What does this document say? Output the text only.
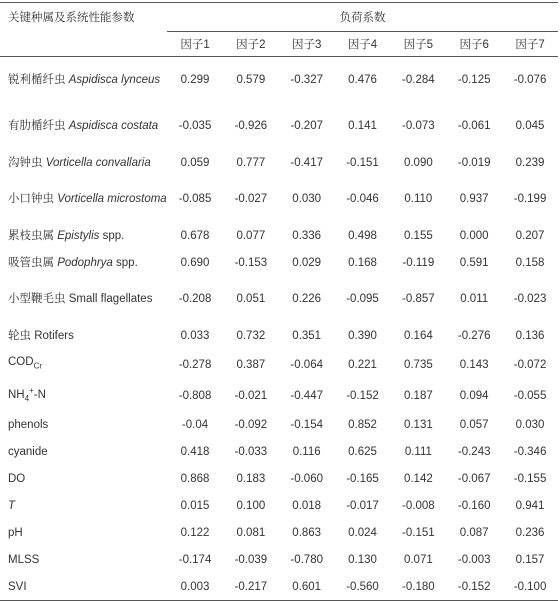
关键种属及系统性能参数	负荷系数						
	因子1	因子2	因子3	因子4	因子5	因子6	因子7
锐利楯纤虫 Aspidisca lynceus	0.299	0.579	-0.327	0.476	-0.284	-0.125	-0.076
有肋楯纤虫 Aspidisca costata	-0.035	-0.926	-0.207	0.141	-0.073	-0.061	0.045
沟钟虫 Vorticella convallaria	0.059	0.777	-0.417	-0.151	0.090	-0.019	0.239
小口钟虫 Vorticella microstoma	-0.085	-0.027	0.030	-0.046	0.110	0.937	-0.199
累枝虫属 Epistylis spp.	0.678	0.077	0.336	0.498	0.155	0.000	0.207
吸管虫属 Podophrya spp.	0.690	-0.153	0.029	0.168	-0.119	0.591	0.158
小型鞭毛虫 Small flagellates	-0.208	0.051	0.226	-0.095	-0.857	0.011	-0.023
轮虫 Rotifers	0.033	0.732	0.351	0.390	0.164	-0.276	0.136
$COD_{Cr}$	-0.278	0.387	-0.064	0.221	0.735	0.143	-0.072
$NH_4^+-N$	-0.808	-0.021	-0.447	-0.152	0.187	0.094	-0.055
phenols	-0.04	-0.092	-0.154	0.852	0.131	0.057	0.030
cyanide	0.418	-0.033	0.116	0.625	0.111	-0.243	-0.346
DO	0.868	0.183	-0.060	-0.165	0.142	-0.067	-0.155
T	0.015	0.100	0.018	-0.017	-0.008	-0.160	0.941
pH	0.122	0.081	0.863	0.024	-0.151	0.087	0.236
MLSS	-0.174	-0.039	-0.780	0.130	0.071	-0.003	0.157
SVI	0.003	-0.217	0.601	-0.560	-0.180	-0.152	-0.100
